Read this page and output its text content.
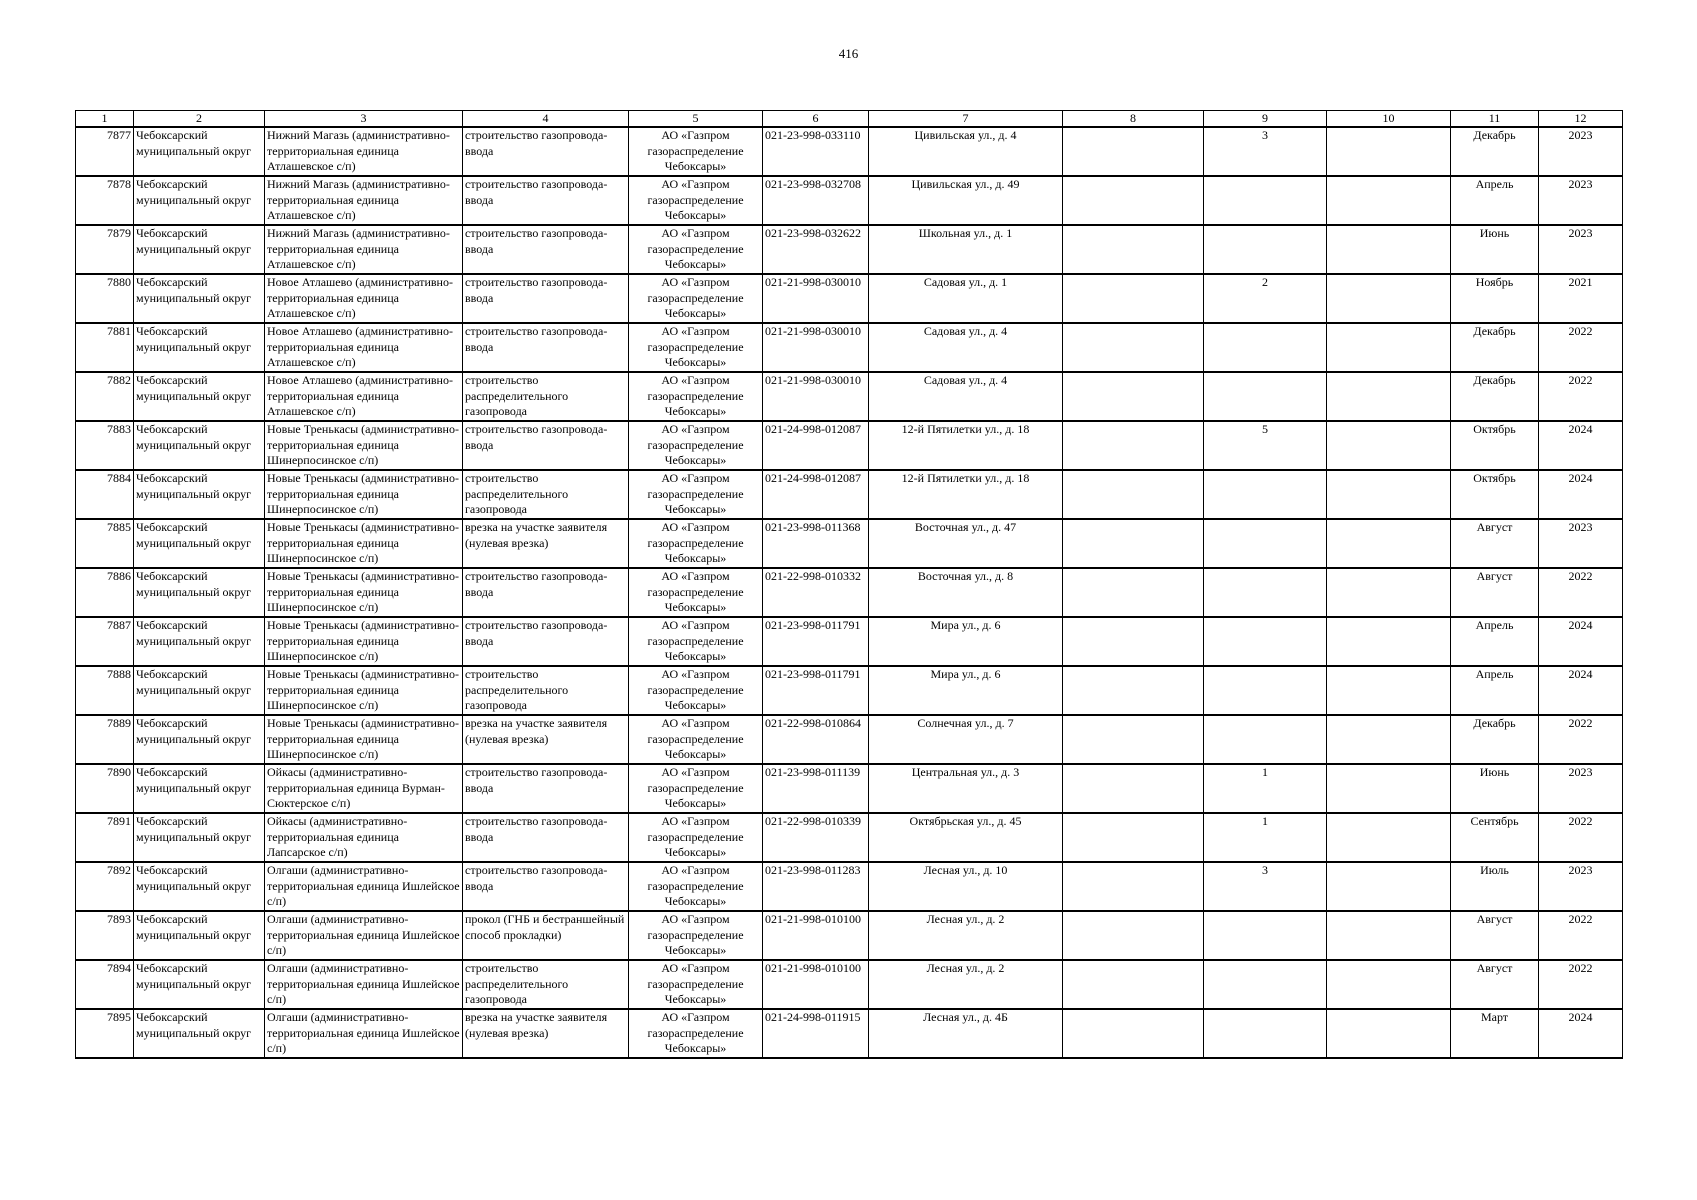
416
1	2	3	4	5	6	7	8	9	10	11	12
7877	Чебоксарский муниципальный округ	Нижний Магазь (административно-территориальная единица Атлашевское с/п)	строительство газопровода-ввода	АО «Газпром газораспределение Чебоксары»	021-23-998-033110	Цивильская ул., д. 4		3		Декабрь	2023
7878	Чебоксарский муниципальный округ	Нижний Магазь (административно-территориальная единица Атлашевское с/п)	строительство газопровода-ввода	АО «Газпром газораспределение Чебоксары»	021-23-998-032708	Цивильская ул., д. 49				Апрель	2023
7879	Чебоксарский муниципальный округ	Нижний Магазь (административно-территориальная единица Атлашевское с/п)	строительство газопровода-ввода	АО «Газпром газораспределение Чебоксары»	021-23-998-032622	Школьная ул., д. 1				Июнь	2023
7880	Чебоксарский муниципальный округ	Новое Атлашево (административно-территориальная единица Атлашевское с/п)	строительство газопровода-ввода	АО «Газпром газораспределение Чебоксары»	021-21-998-030010	Садовая ул., д. 1		2		Ноябрь	2021
7881	Чебоксарский муниципальный округ	Новое Атлашево (административно-территориальная единица Атлашевское с/п)	строительство газопровода-ввода	АО «Газпром газораспределение Чебоксары»	021-21-998-030010	Садовая ул., д. 4				Декабрь	2022
7882	Чебоксарский муниципальный округ	Новое Атлашево (административно-территориальная единица Атлашевское с/п)	строительство распределительного газопровода	АО «Газпром газораспределение Чебоксары»	021-21-998-030010	Садовая ул., д. 4				Декабрь	2022
7883	Чебоксарский муниципальный округ	Новые Тренькасы (административно-территориальная единица Шинерпосинское с/п)	строительство газопровода-ввода	АО «Газпром газораспределение Чебоксары»	021-24-998-012087	12-й Пятилетки ул., д. 18		5		Октябрь	2024
7884	Чебоксарский муниципальный округ	Новые Тренькасы (административно-территориальная единица Шинерпосинское с/п)	строительство распределительного газопровода	АО «Газпром газораспределение Чебоксары»	021-24-998-012087	12-й Пятилетки ул., д. 18				Октябрь	2024
7885	Чебоксарский муниципальный округ	Новые Тренькасы (административно-территориальная единица Шинерпосинское с/п)	врезка на участке заявителя (нулевая врезка)	АО «Газпром газораспределение Чебоксары»	021-23-998-011368	Восточная ул., д. 47				Август	2023
7886	Чебоксарский муниципальный округ	Новые Тренькасы (административно-территориальная единица Шинерпосинское с/п)	строительство газопровода-ввода	АО «Газпром газораспределение Чебоксары»	021-22-998-010332	Восточная ул., д. 8				Август	2022
7887	Чебоксарский муниципальный округ	Новые Тренькасы (административно-территориальная единица Шинерпосинское с/п)	строительство газопровода-ввода	АО «Газпром газораспределение Чебоксары»	021-23-998-011791	Мира ул., д. 6				Апрель	2024
7888	Чебоксарский муниципальный округ	Новые Тренькасы (административно-территориальная единица Шинерпосинское с/п)	строительство распределительного газопровода	АО «Газпром газораспределение Чебоксары»	021-23-998-011791	Мира ул., д. 6				Апрель	2024
7889	Чебоксарский муниципальный округ	Новые Тренькасы (административно-территориальная единица Шинерпосинское с/п)	врезка на участке заявителя (нулевая врезка)	АО «Газпром газораспределение Чебоксары»	021-22-998-010864	Солнечная ул., д. 7				Декабрь	2022
7890	Чебоксарский муниципальный округ	Ойкасы (административно-территориальная единица Вурман-Сюктерское с/п)	строительство газопровода-ввода	АО «Газпром газораспределение Чебоксары»	021-23-998-011139	Центральная ул., д. 3		1		Июнь	2023
7891	Чебоксарский муниципальный округ	Ойкасы (административно-территориальная единица Лапсарское с/п)	строительство газопровода-ввода	АО «Газпром газораспределение Чебоксары»	021-22-998-010339	Октябрьская ул., д. 45		1		Сентябрь	2022
7892	Чебоксарский муниципальный округ	Олгаши (административно-территориальная единица Ишлейское с/п)	строительство газопровода-ввода	АО «Газпром газораспределение Чебоксары»	021-23-998-011283	Лесная ул., д. 10		3		Июль	2023
7893	Чебоксарский муниципальный округ	Олгаши (административно-территориальная единица Ишлейское с/п)	прокол (ГНБ и бестраншейный способ прокладки)	АО «Газпром газораспределение Чебоксары»	021-21-998-010100	Лесная ул., д. 2				Август	2022
7894	Чебоксарский муниципальный округ	Олгаши (административно-территориальная единица Ишлейское с/п)	строительство распределительного газопровода	АО «Газпром газораспределение Чебоксары»	021-21-998-010100	Лесная ул., д. 2				Август	2022
7895	Чебоксарский муниципальный округ	Олгаши (административно-территориальная единица Ишлейское с/п)	врезка на участке заявителя (нулевая врезка)	АО «Газпром газораспределение Чебоксары»	021-24-998-011915	Лесная ул., д. 4Б				Март	2024
